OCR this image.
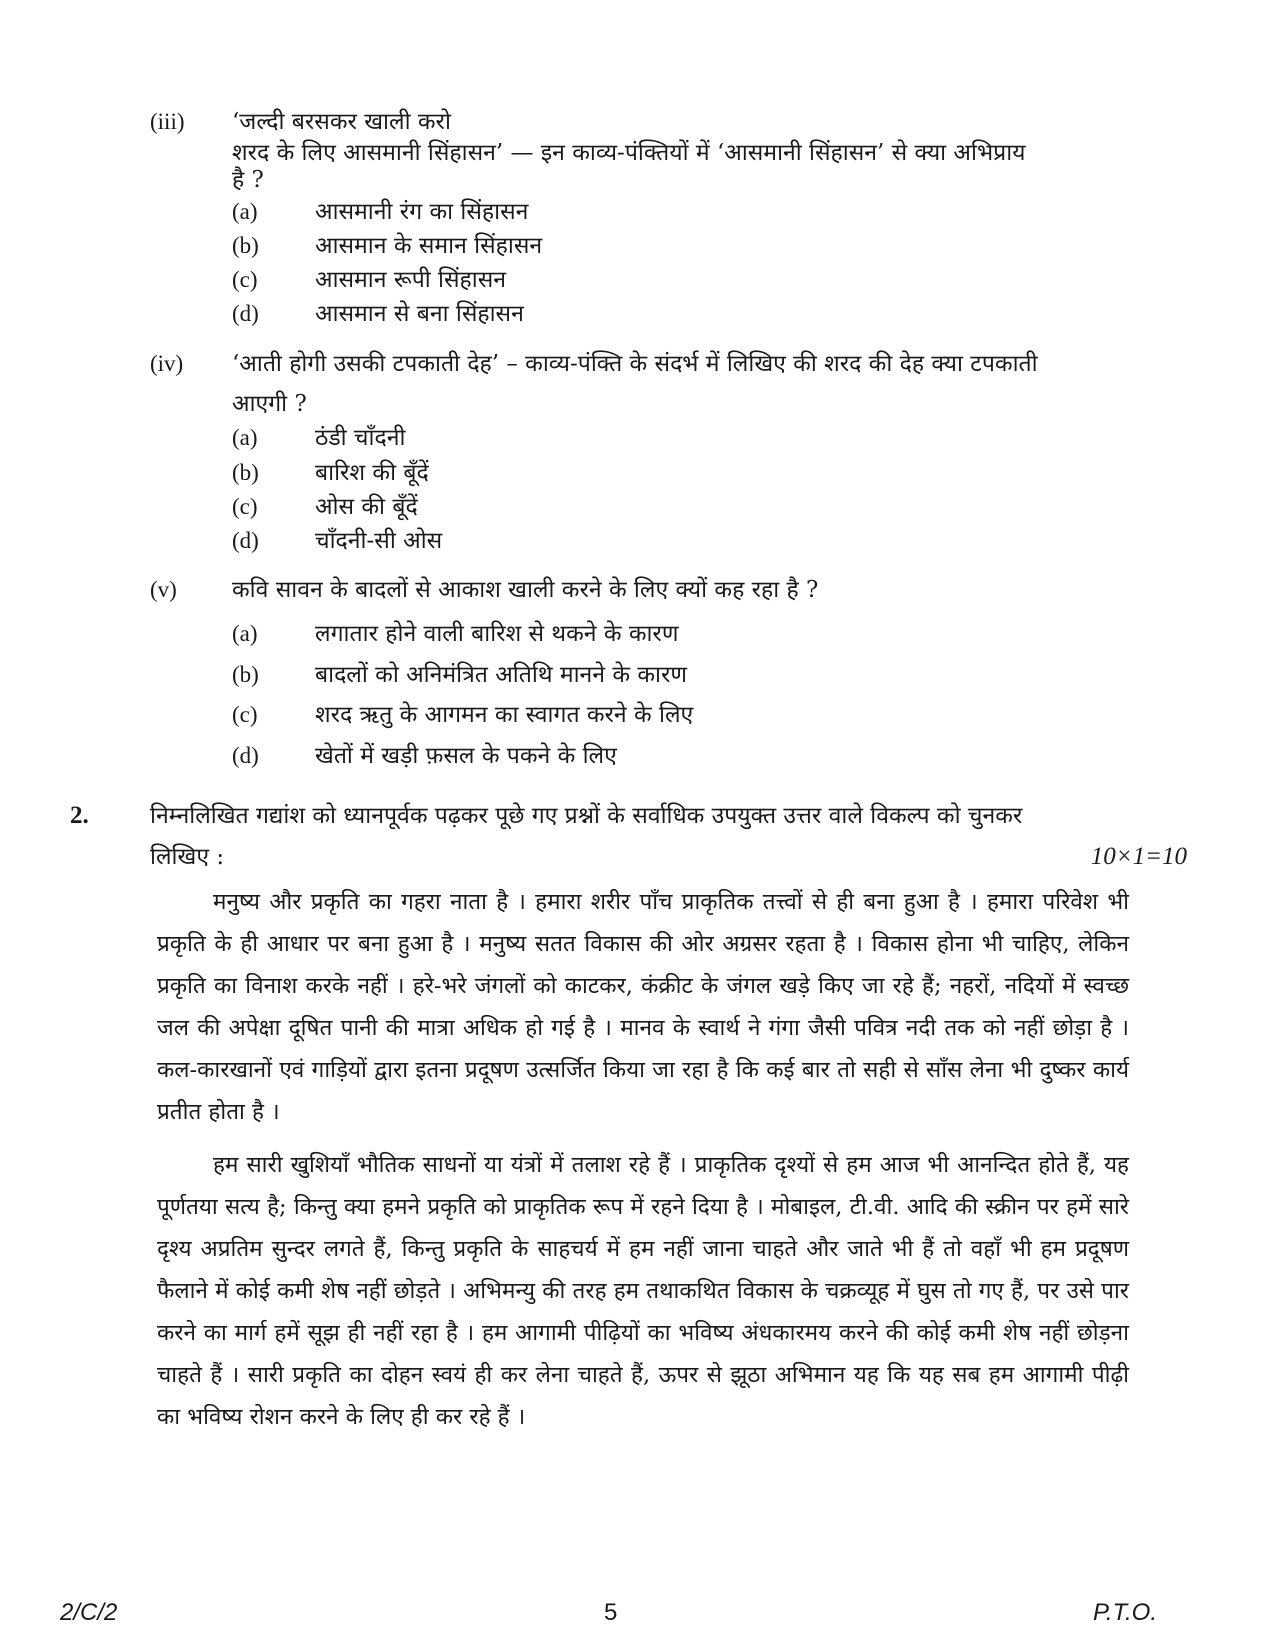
(iii) ‘जल्दी बरसकर खाली करो
शरद के लिए आसमानी सिंहासन’ — इन काव्य-पंक्तियों में ‘आसमानी सिंहासन’ से क्या अभिप्राय
है ?
(a) आसमानी रंग का सिंहासन
(b) आसमान के समान सिंहासन
(c) आसमान रूपी सिंहासन
(d) आसमान से बना सिंहासन
(iv) ‘आती होगी उसकी टपकाती देह’ – काव्य-पंक्ति के संदर्भ में लिखिए की शरद की देह क्या टपकाती
आएगी ?
(a) ठंडी चाँदनी
(b) बारिश की बूँदें
(c) ओस की बूँदें
(d) चाँदनी-सी ओस
(v) कवि सावन के बादलों से आकाश खाली करने के लिए क्यों कह रहा है ?
(a) लगातार होने वाली बारिश से थकने के कारण
(b) बादलों को अनिमंत्रित अतिथि मानने के कारण
(c) शरद ऋतु के आगमन का स्वागत करने के लिए
(d) खेतों में खड़ी फ़सल के पकने के लिए
2.	निम्नलिखित गद्यांश को ध्यानपूर्वक पढ़कर पूछे गए प्रश्नों के सर्वाधिक उपयुक्त उत्तर वाले विकल्प को चुनकर
लिखिए :	10×1=10

मनुष्य और प्रकृति का गहरा नाता है । हमारा शरीर पाँच प्राकृतिक तत्त्वों से ही बना हुआ है । हमारा परिवेश भी प्रकृति के ही आधार पर बना हुआ है । मनुष्य सतत विकास की ओर अग्रसर रहता है । विकास होना भी चाहिए, लेकिन प्रकृति का विनाश करके नहीं । हरे-भरे जंगलों को काटकर, कंक्रीट के जंगल खड़े किए जा रहे हैं; नहरों, नदियों में स्वच्छ जल की अपेक्षा दूषित पानी की मात्रा अधिक हो गई है । मानव के स्वार्थ ने गंगा जैसी पवित्र नदी तक को नहीं छोड़ा है । कल-कारखानों एवं गाड़ियों द्वारा इतना प्रदूषण उत्सर्जित किया जा रहा है कि कई बार तो सही से साँस लेना भी दुष्कर कार्य प्रतीत होता है ।

हम सारी खुशियाँ भौतिक साधनों या यंत्रों में तलाश रहे हैं । प्राकृतिक दृश्यों से हम आज भी आनन्दित होते हैं, यह पूर्णतया सत्य है; किन्तु क्या हमने प्रकृति को प्राकृतिक रूप में रहने दिया है । मोबाइल, टी.वी. आदि की स्क्रीन पर हमें सारे दृश्य अप्रतिम सुन्दर लगते हैं, किन्तु प्रकृति के साहचर्य में हम नहीं जाना चाहते और जाते भी हैं तो वहाँ भी हम प्रदूषण फैलाने में कोई कमी शेष नहीं छोड़ते । अभिमन्यु की तरह हम तथाकथित विकास के चक्रव्यूह में घुस तो गए हैं, पर उसे पार करने का मार्ग हमें सूझ ही नहीं रहा है । हम आगामी पीढ़ियों का भविष्य अंधकारमय करने की कोई कमी शेष नहीं छोड़ना चाहते हैं । सारी प्रकृति का दोहन स्वयं ही कर लेना चाहते हैं, ऊपर से झूठा अभिमान यह कि यह सब हम आगामी पीढ़ी का भविष्य रोशन करने के लिए ही कर रहे हैं ।

2/C/2	5	P.T.O.
